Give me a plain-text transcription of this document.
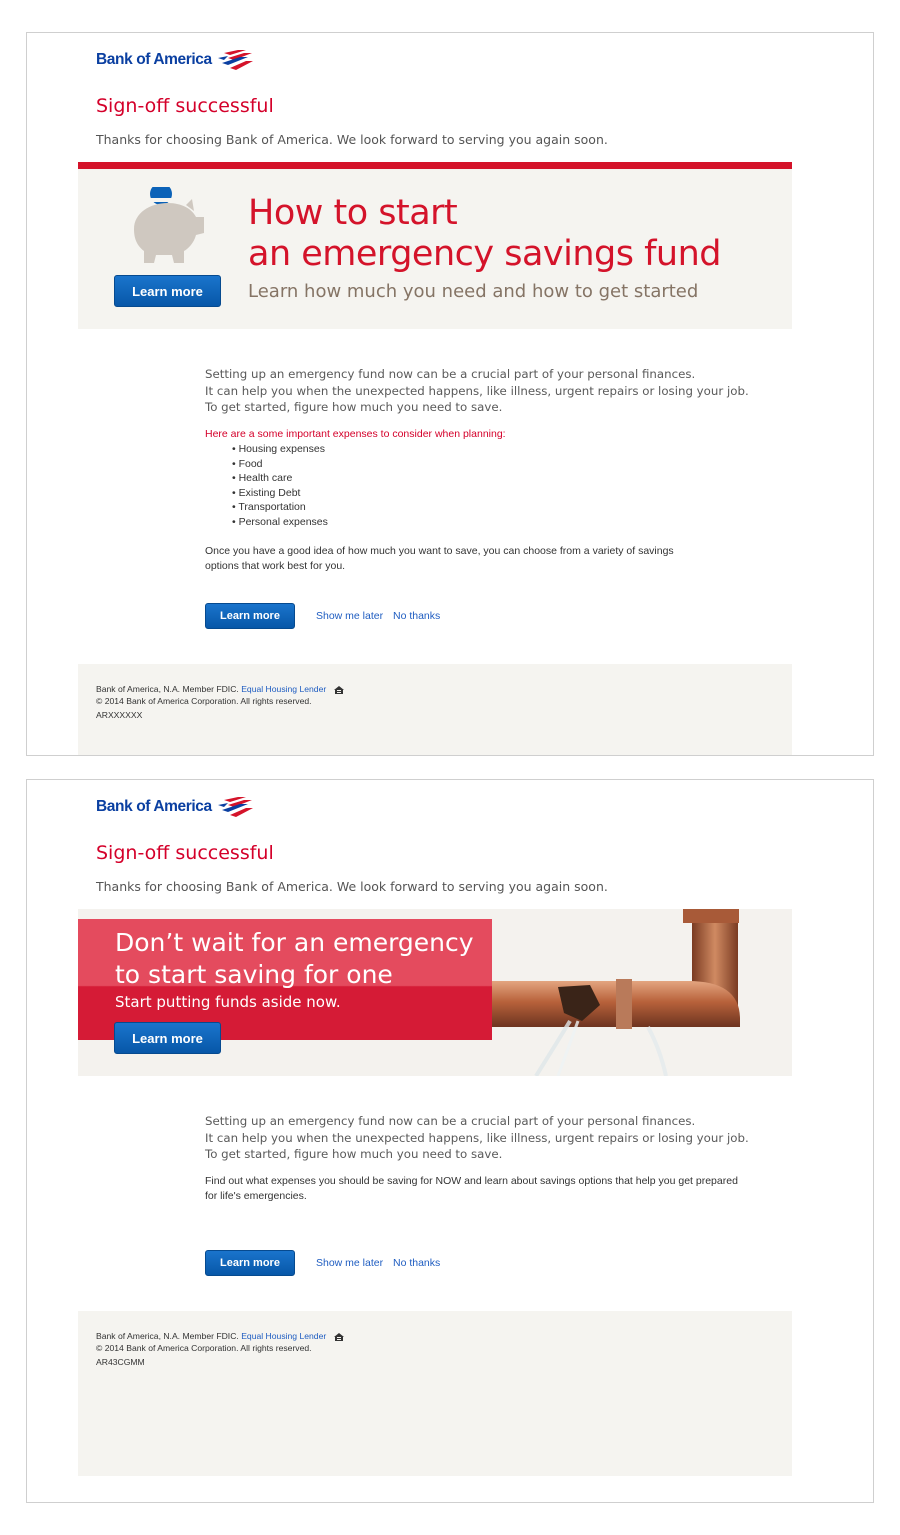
Bank of America
Sign-off successful
Thanks for choosing Bank of America. We look forward to serving you again soon.
Learn more
How to start
an emergency savings fund
Learn how much you need and how to get started
Setting up an emergency fund now can be a crucial part of your personal finances.
It can help you when the unexpected happens, like illness, urgent repairs or losing your job.
To get started, figure how much you need to save.
Here are a some important expenses to consider when planning:
• Housing expenses
• Food
• Health care
• Existing Debt
• Transportation
• Personal expenses
Once you have a good idea of how much you want to save, you can choose from a variety of savings
options that work best for you.
Learn more	Show me later No thanks
Bank of America, N.A. Member FDIC. Equal Housing Lender
© 2014 Bank of America Corporation. All rights reserved.
ARXXXXXX
Bank of America
Sign-off successful
Thanks for choosing Bank of America. We look forward to serving you again soon.
Don’t wait for an emergency
to start saving for one
Start putting funds aside now.
Learn more
Setting up an emergency fund now can be a crucial part of your personal finances.
It can help you when the unexpected happens, like illness, urgent repairs or losing your job.
To get started, figure how much you need to save.
Find out what expenses you should be saving for NOW and learn about savings options that help you get prepared
for life's emergencies.
Learn more	Show me later No thanks
Bank of America, N.A. Member FDIC. Equal Housing Lender
© 2014 Bank of America Corporation. All rights reserved.
AR43CGMM
